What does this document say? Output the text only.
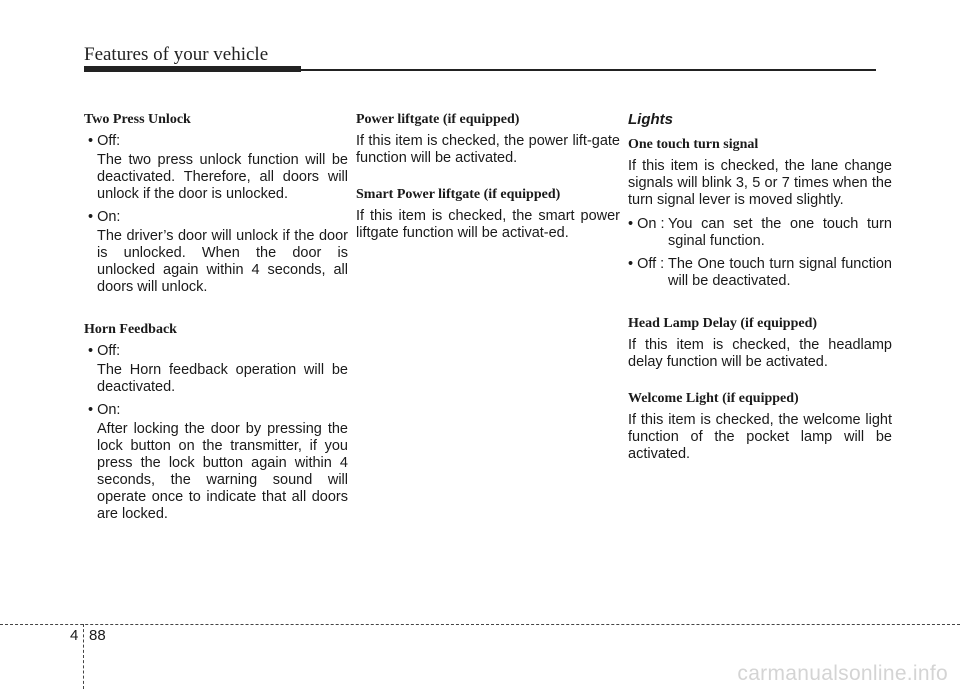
Features of your vehicle
Two Press Unlock
• Off:
The two press unlock function will be deactivated. Therefore, all doors will unlock if the door is unlocked.
• On:
The driver’s door will unlock if the door is unlocked. When the door is unlocked again within 4 seconds, all doors will unlock.
Horn Feedback
• Off:
The Horn feedback operation will be deactivated.
• On:
After locking the door by pressing the lock button on the transmitter, if you press the lock button again within 4 seconds, the warning sound will operate once to indicate that all doors are locked.
Power liftgate (if equipped)

If this item is checked, the power lift-gate function will be activated.

Smart Power liftgate (if equipped)

If this item is checked, the smart power liftgate function will be activat-ed.

Lights
One touch turn signal

If this item is checked, the lane change signals will blink 3, 5 or 7 times when the turn signal lever is moved slightly.

• On : You can set the one touch turn sginal function.
• Off : The One touch turn signal function will be deactivated.
Head Lamp Delay (if equipped)

If this item is checked, the headlamp delay function will be activated.

Welcome Light (if equipped)

If this item is checked, the welcome light function of the pocket lamp will be activated.

4 88
carmanualsonline.info
